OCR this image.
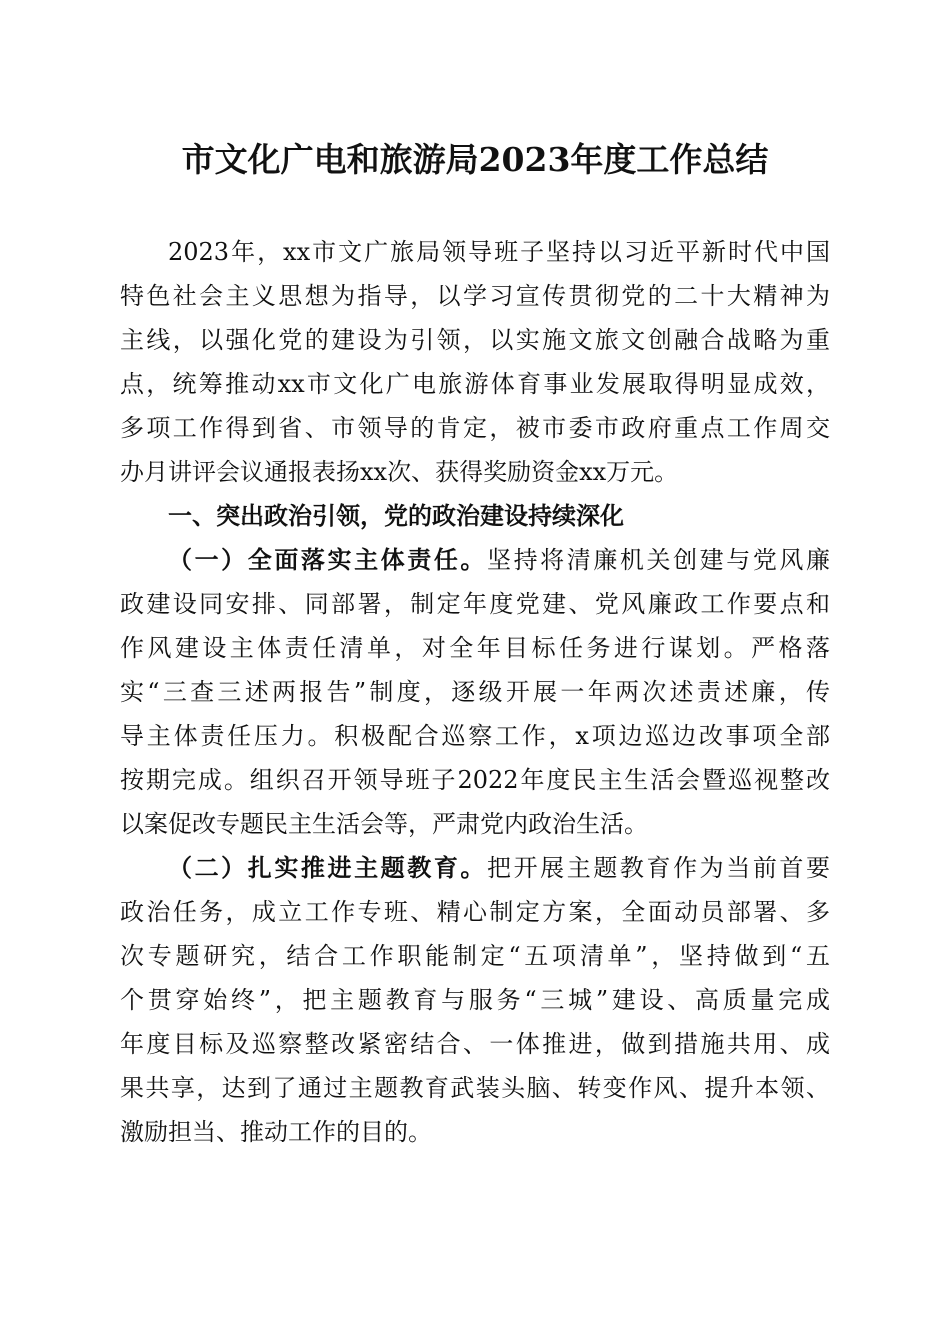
市文化广电和旅游局2023年度工作总结
2023年，xx市文广旅局领导班子坚持以习近平新时代中国
特色社会主义思想为指导，以学习宣传贯彻党的二十大精神为
主线，以强化党的建设为引领，以实施文旅文创融合战略为重
点，统筹推动xx市文化广电旅游体育事业发展取得明显成效，
多项工作得到省、市领导的肯定，被市委市政府重点工作周交
办月讲评会议通报表扬xx次、获得奖励资金xx万元。
一、突出政治引领，党的政治建设持续深化
（一）全面落实主体责任。坚持将清廉机关创建与党风廉
政建设同安排、同部署，制定年度党建、党风廉政工作要点和
作风建设主体责任清单，对全年目标任务进行谋划。严格落
实“三查三述两报告”制度，逐级开展一年两次述责述廉，传
导主体责任压力。积极配合巡察工作，x项边巡边改事项全部
按期完成。组织召开领导班子2022年度民主生活会暨巡视整改
以案促改专题民主生活会等，严肃党内政治生活。
（二）扎实推进主题教育。把开展主题教育作为当前首要
政治任务，成立工作专班、精心制定方案，全面动员部署、多
次专题研究，结合工作职能制定“五项清单”，坚持做到“五
个贯穿始终”，把主题教育与服务“三城”建设、高质量完成
年度目标及巡察整改紧密结合、一体推进，做到措施共用、成
果共享，达到了通过主题教育武装头脑、转变作风、提升本领、
激励担当、推动工作的目的。
